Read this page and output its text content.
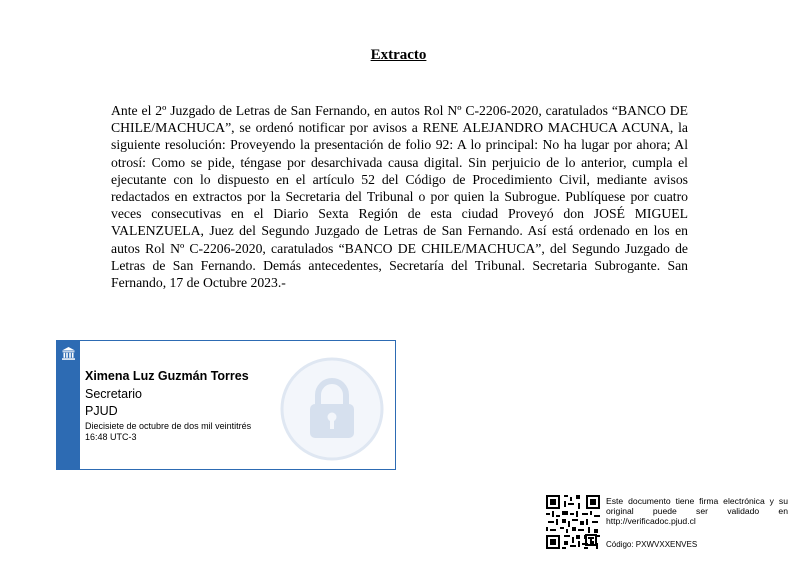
Extracto

Ante el 2º Juzgado de Letras de San Fernando, en autos Rol Nº C-2206-2020, caratulados “BANCO DE CHILE/MACHUCA”, se ordenó notificar por avisos a RENE ALEJANDRO MACHUCA ACUNA, la siguiente resolución: Proveyendo la presentación de folio 92: A lo principal: No ha lugar por ahora; Al otrosí: Como se pide, téngase por desarchivada causa digital. Sin perjuicio de lo anterior, cumpla el ejecutante con lo dispuesto en el artículo 52 del Código de Procedimiento Civil, mediante avisos redactados en extractos por la Secretaria del Tribunal o por quien la Subrogue. Publíquese por cuatro veces consecutivas en el Diario Sexta Región de esta ciudad Proveyó don JOSÉ MIGUEL VALENZUELA, Juez del Segundo Juzgado de Letras de San Fernando. Así está ordenado en los en autos Rol Nº C-2206-2020, caratulados “BANCO DE CHILE/MACHUCA”, del Segundo Juzgado de Letras de San Fernando. Demás antecedentes, Secretaría del Tribunal. Secretaria Subrogante. San Fernando, 17 de Octubre 2023.-

Ximena Luz Guzmán Torres
Secretario
PJUD
Diecisiete de octubre de dos mil veintitrés
16:48 UTC-3

Este documento tiene firma electrónica y su original puede ser validado en http://verificadoc.pjud.cl

Código: PXWVXXENVES
